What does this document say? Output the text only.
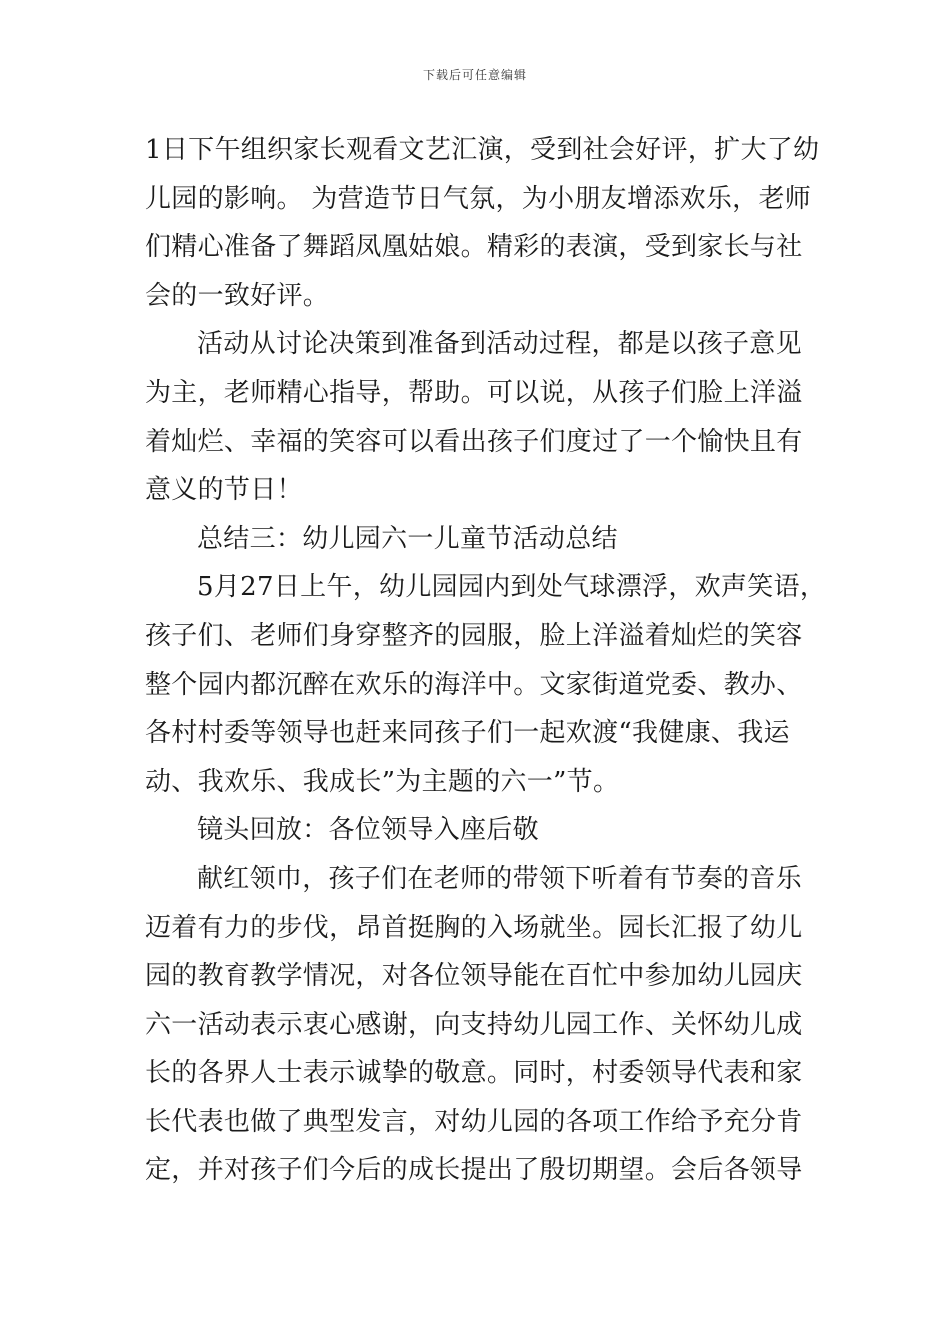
下载后可任意编辑
1日下午组织家长观看文艺汇演，受到社会好评，扩大了幼
儿园的影响。 为营造节日气氛，为小朋友增添欢乐，老师
们精心准备了舞蹈凤凰姑娘。精彩的表演，受到家长与社
会的一致好评。
活动从讨论决策到准备到活动过程，都是以孩子意见
为主，老师精心指导，帮助。可以说，从孩子们脸上洋溢
着灿烂、幸福的笑容可以看出孩子们度过了一个愉快且有
意义的节日！
总结三：幼儿园六一儿童节活动总结
5月27日上午，幼儿园园内到处气球漂浮，欢声笑语，
孩子们、老师们身穿整齐的园服，脸上洋溢着灿烂的笑容
整个园内都沉醉在欢乐的海洋中。文家街道党委、教办、
各村村委等领导也赶来同孩子们一起欢渡“我健康、我运
动、我欢乐、我成长”为主题的六一”节。
镜头回放：各位领导入座后敬
献红领巾，孩子们在老师的带领下听着有节奏的音乐
迈着有力的步伐，昂首挺胸的入场就坐。园长汇报了幼儿
园的教育教学情况，对各位领导能在百忙中参加幼儿园庆
六一活动表示衷心感谢，向支持幼儿园工作、关怀幼儿成
长的各界人士表示诚挚的敬意。同时，村委领导代表和家
长代表也做了典型发言，对幼儿园的各项工作给予充分肯
定，并对孩子们今后的成长提出了殷切期望。会后各领导
